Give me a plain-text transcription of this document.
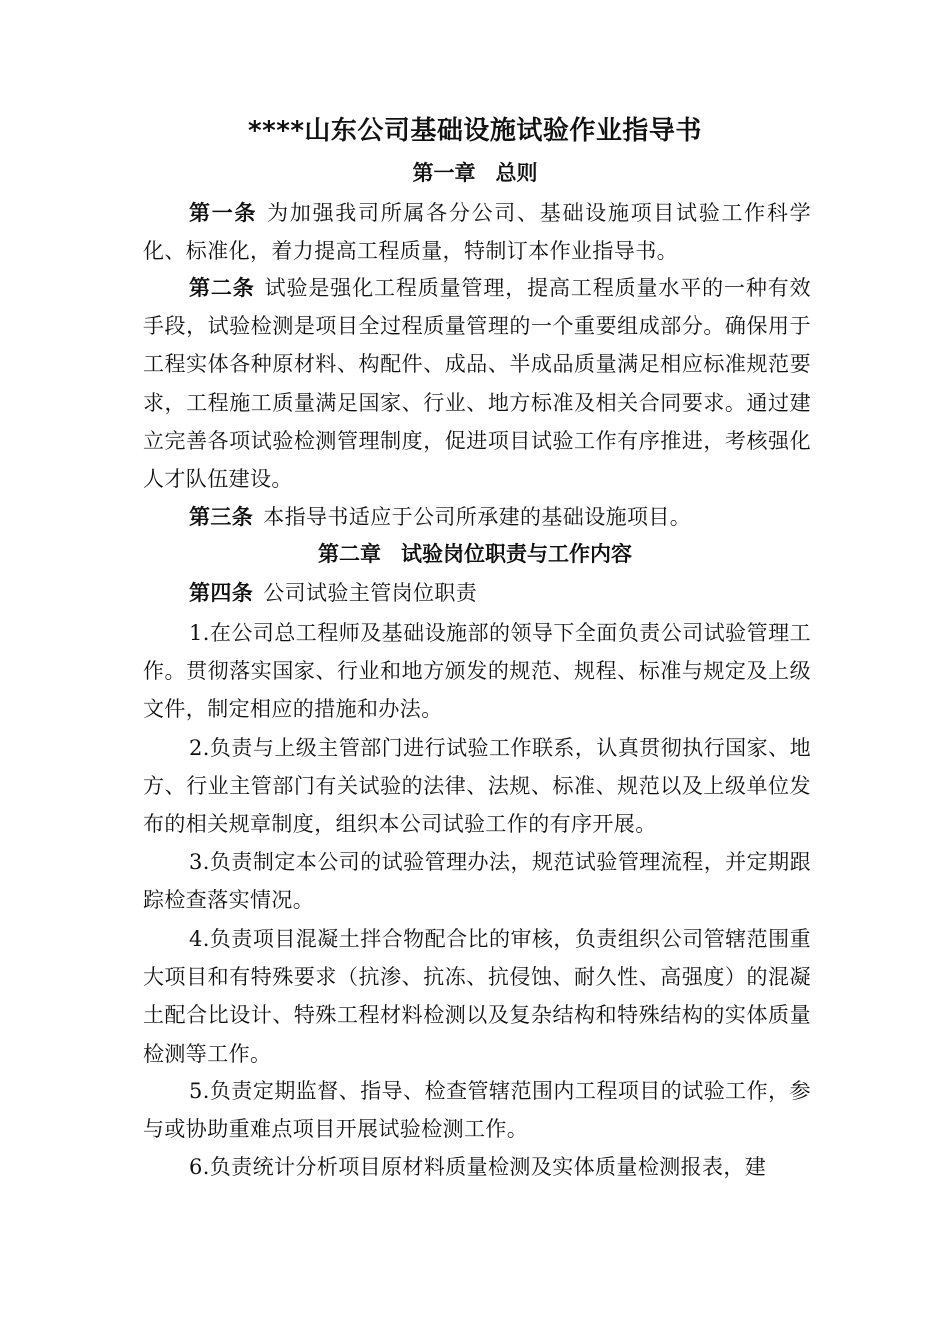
****山东公司基础设施试验作业指导书
第一章 总则
第一条 为加强我司所属各分公司、基础设施项目试验工作科学化、标准化，着力提高工程质量，特制订本作业指导书。
第二条 试验是强化工程质量管理，提高工程质量水平的一种有效手段，试验检测是项目全过程质量管理的一个重要组成部分。确保用于工程实体各种原材料、构配件、成品、半成品质量满足相应标准规范要求，工程施工质量满足国家、行业、地方标准及相关合同要求。通过建立完善各项试验检测管理制度，促进项目试验工作有序推进，考核强化人才队伍建设。
第三条 本指导书适应于公司所承建的基础设施项目。
第二章 试验岗位职责与工作内容
第四条 公司试验主管岗位职责
1.在公司总工程师及基础设施部的领导下全面负责公司试验管理工作。贯彻落实国家、行业和地方颁发的规范、规程、标准与规定及上级文件，制定相应的措施和办法。
2.负责与上级主管部门进行试验工作联系，认真贯彻执行国家、地方、行业主管部门有关试验的法律、法规、标准、规范以及上级单位发布的相关规章制度，组织本公司试验工作的有序开展。
3.负责制定本公司的试验管理办法，规范试验管理流程，并定期跟踪检查落实情况。
4.负责项目混凝土拌合物配合比的审核，负责组织公司管辖范围重大项目和有特殊要求（抗渗、抗冻、抗侵蚀、耐久性、高强度）的混凝土配合比设计、特殊工程材料检测以及复杂结构和特殊结构的实体质量检测等工作。
5.负责定期监督、指导、检查管辖范围内工程项目的试验工作，参与或协助重难点项目开展试验检测工作。
6.负责统计分析项目原材料质量检测及实体质量检测报表，建
